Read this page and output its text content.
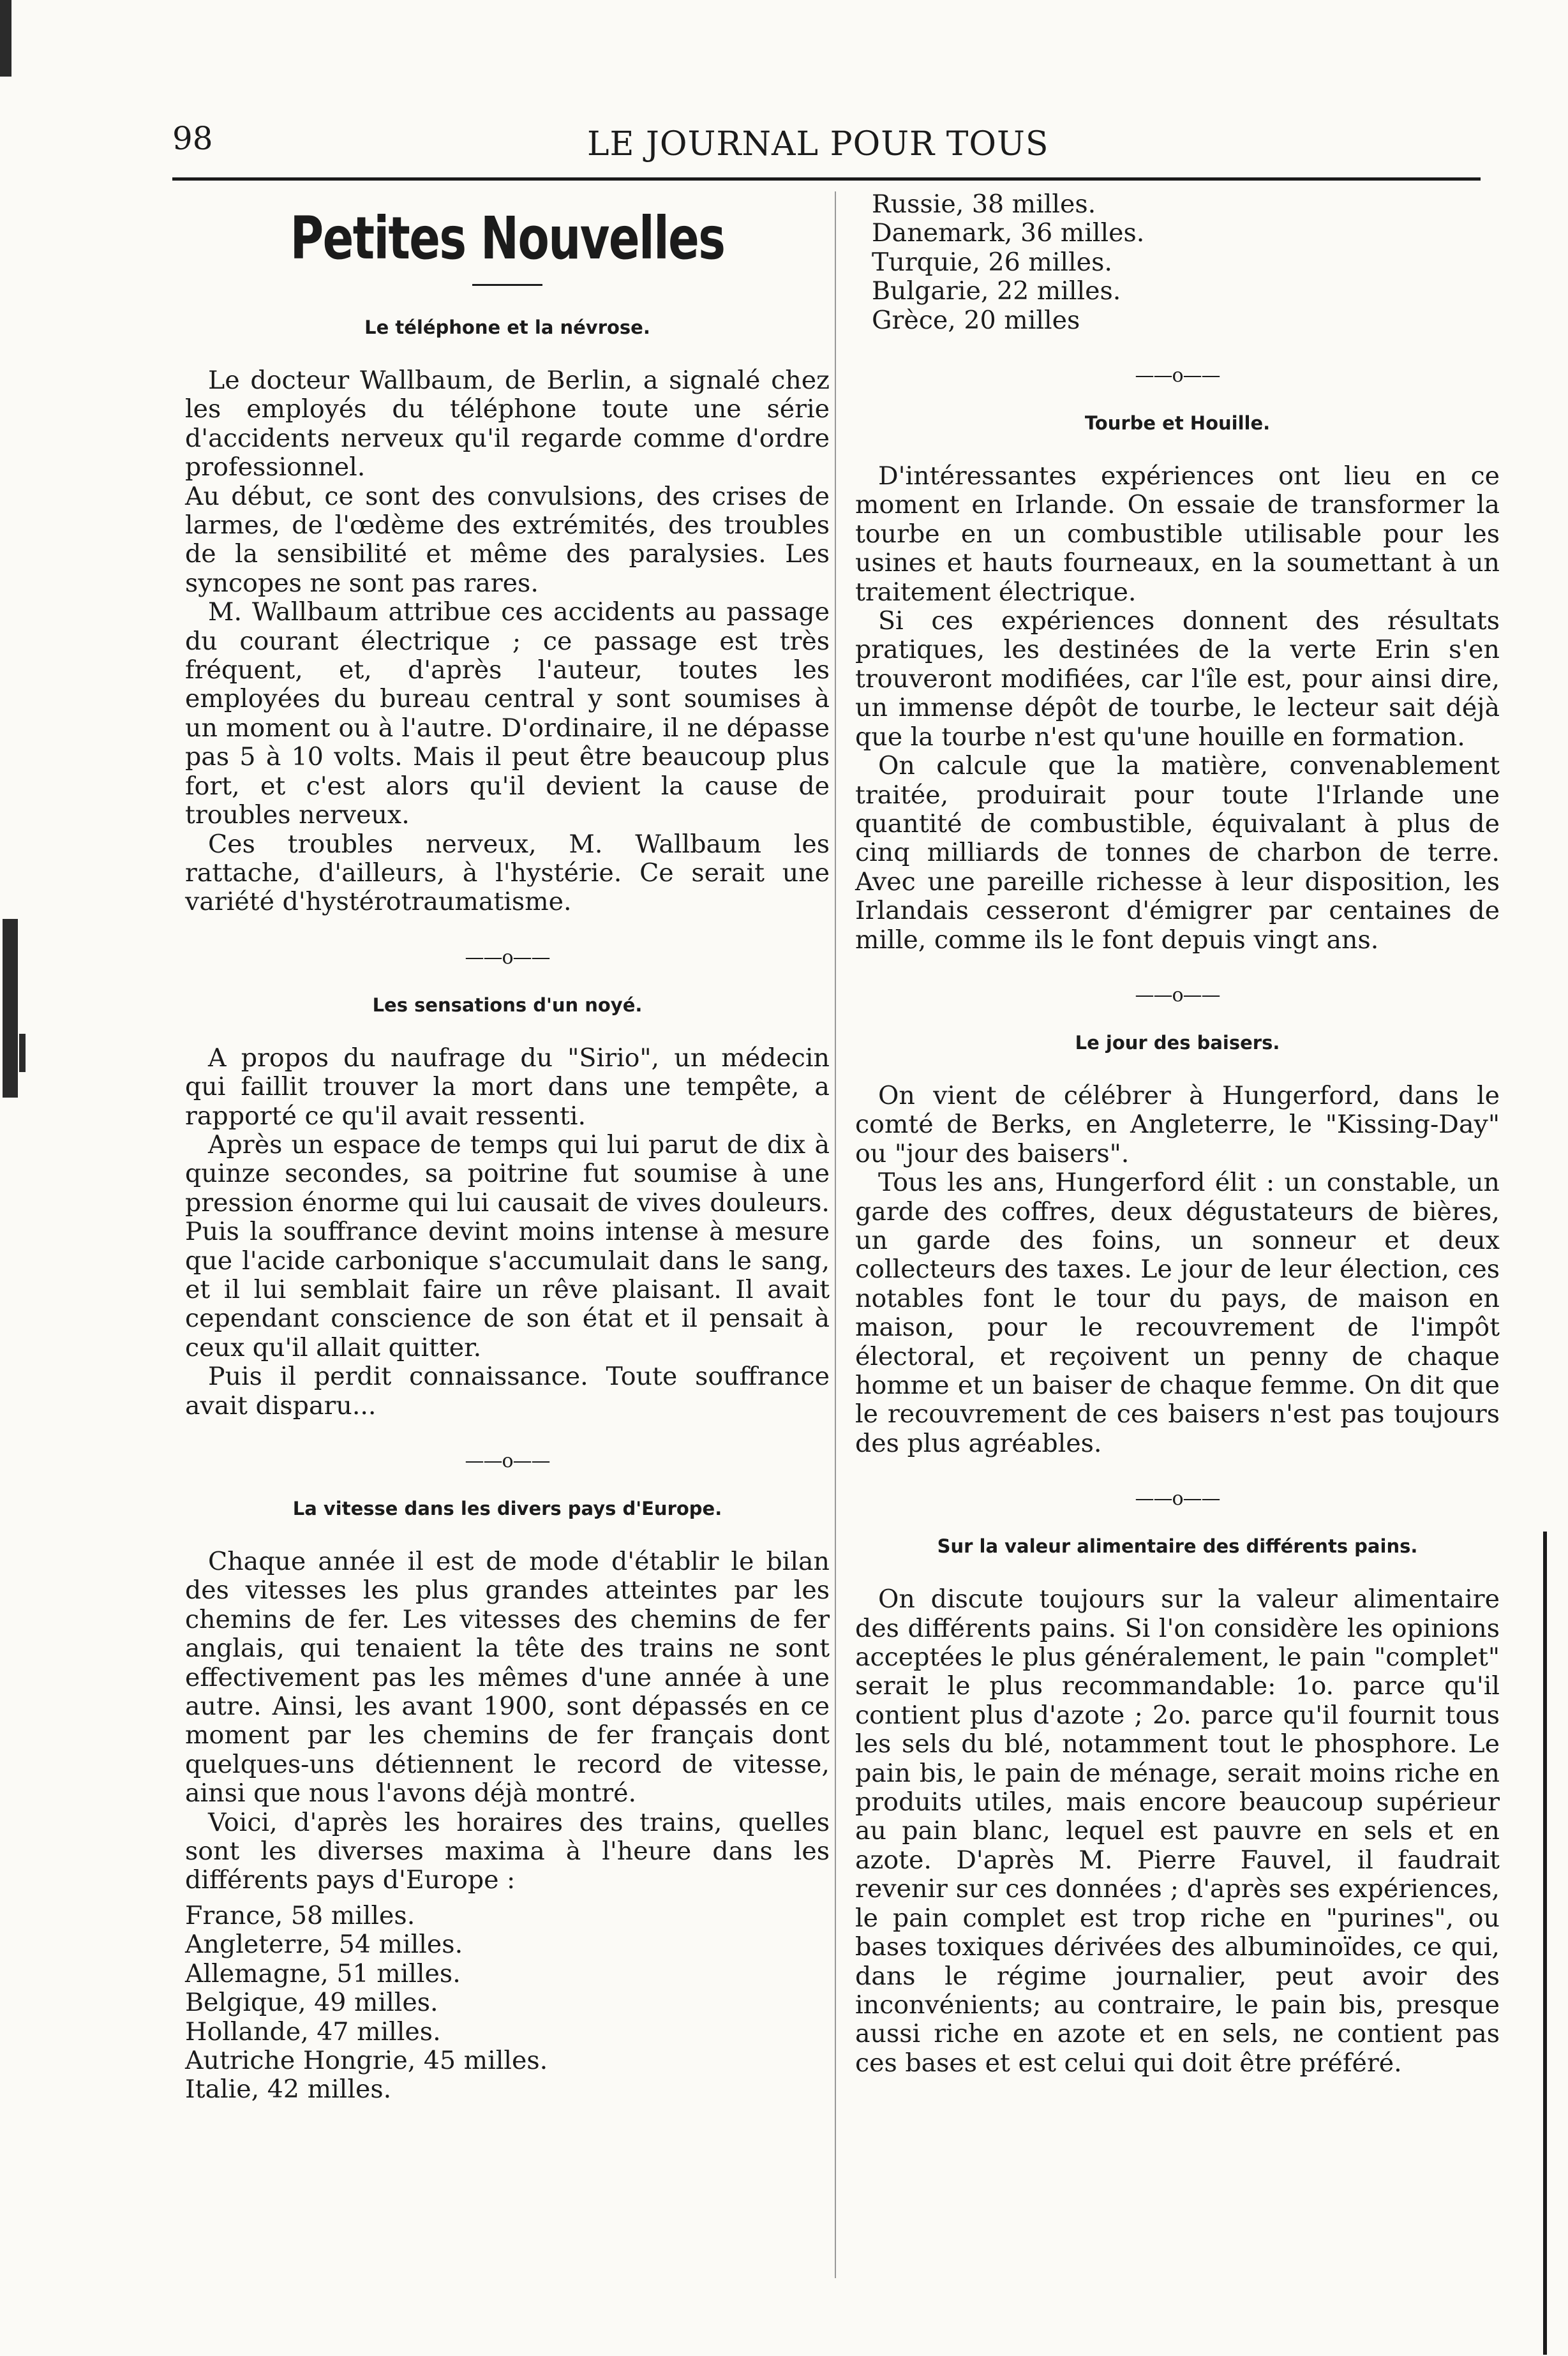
98	LE JOURNAL POUR TOUS
Petites Nouvelles
Le téléphone et la névrose.

Le docteur Wallbaum, de Berlin, a signalé chez les employés du téléphone toute une série d'accidents nerveux qu'il regarde comme d'ordre professionnel.

Au début, ce sont des convulsions, des crises de larmes, de l'œdème des extrémités, des troubles de la sensibilité et même des paralysies. Les syncopes ne sont pas rares.

M. Wallbaum attribue ces accidents au passage du courant électrique ; ce passage est très fréquent, et, d'après l'auteur, toutes les employées du bureau central y sont soumises à un moment ou à l'autre. D'ordinaire, il ne dépasse pas 5 à 10 volts. Mais il peut être beaucoup plus fort, et c'est alors qu'il devient la cause de troubles nerveux.

Ces troubles nerveux, M. Wallbaum les rattache, d'ailleurs, à l'hystérie. Ce serait une variété d'hystérotraumatisme.

——o——
Les sensations d'un noyé.

A propos du naufrage du "Sirio", un médecin qui faillit trouver la mort dans une tempête, a rapporté ce qu'il avait ressenti.

Après un espace de temps qui lui parut de dix à quinze secondes, sa poitrine fut soumise à une pression énorme qui lui causait de vives douleurs. Puis la souffrance devint moins intense à mesure que l'acide carbonique s'accumulait dans le sang, et il lui semblait faire un rêve plaisant. Il avait cependant conscience de son état et il pensait à ceux qu'il allait quitter.

Puis il perdit connaissance. Toute souffrance avait disparu...

——o——
La vitesse dans les divers pays d'Europe.

Chaque année il est de mode d'établir le bilan des vitesses les plus grandes atteintes par les chemins de fer. Les vitesses des chemins de fer anglais, qui tenaient la tête des trains ne sont effectivement pas les mêmes d'une année à une autre. Ainsi, les avant 1900, sont dépassés en ce moment par les chemins de fer français dont quelques-uns détiennent le record de vitesse, ainsi que nous l'avons déjà montré.

Voici, d'après les horaires des trains, quelles sont les diverses maxima à l'heure dans les différents pays d'Europe :

France, 58 milles.
Angleterre, 54 milles.
Allemagne, 51 milles.
Belgique, 49 milles.
Hollande, 47 milles.
Autriche Hongrie, 45 milles.
Italie, 42 milles.
Russie, 38 milles.
Danemark, 36 milles.
Turquie, 26 milles.
Bulgarie, 22 milles.
Grèce, 20 milles
——o——
Tourbe et Houille.

D'intéressantes expériences ont lieu en ce moment en Irlande. On essaie de transformer la tourbe en un combustible utilisable pour les usines et hauts fourneaux, en la soumettant à un traitement électrique.

Si ces expériences donnent des résultats pratiques, les destinées de la verte Erin s'en trouveront modifiées, car l'île est, pour ainsi dire, un immense dépôt de tourbe, le lecteur sait déjà que la tourbe n'est qu'une houille en formation.

On calcule que la matière, convenablement traitée, produirait pour toute l'Irlande une quantité de combustible, équivalant à plus de cinq milliards de tonnes de charbon de terre. Avec une pareille richesse à leur disposition, les Irlandais cesseront d'émigrer par centaines de mille, comme ils le font depuis vingt ans.

——o——
Le jour des baisers.

On vient de célébrer à Hungerford, dans le comté de Berks, en Angleterre, le "Kissing-Day" ou "jour des baisers".

Tous les ans, Hungerford élit : un constable, un garde des coffres, deux dégustateurs de bières, un garde des foins, un sonneur et deux collecteurs des taxes. Le jour de leur élection, ces notables font le tour du pays, de maison en maison, pour le recouvrement de l'impôt électoral, et reçoivent un penny de chaque homme et un baiser de chaque femme. On dit que le recouvrement de ces baisers n'est pas toujours des plus agréables.

——o——
Sur la valeur alimentaire des différents pains.

On discute toujours sur la valeur alimentaire des différents pains. Si l'on considère les opinions acceptées le plus généralement, le pain "complet" serait le plus recommandable: 1o. parce qu'il contient plus d'azote ; 2o. parce qu'il fournit tous les sels du blé, notamment tout le phosphore. Le pain bis, le pain de ménage, serait moins riche en produits utiles, mais encore beaucoup supérieur au pain blanc, lequel est pauvre en sels et en azote. D'après M. Pierre Fauvel, il faudrait revenir sur ces données ; d'après ses expériences, le pain complet est trop riche en "purines", ou bases toxiques dérivées des albuminoïdes, ce qui, dans le régime journalier, peut avoir des inconvénients; au contraire, le pain bis, presque aussi riche en azote et en sels, ne contient pas ces bases et est celui qui doit être préféré.
